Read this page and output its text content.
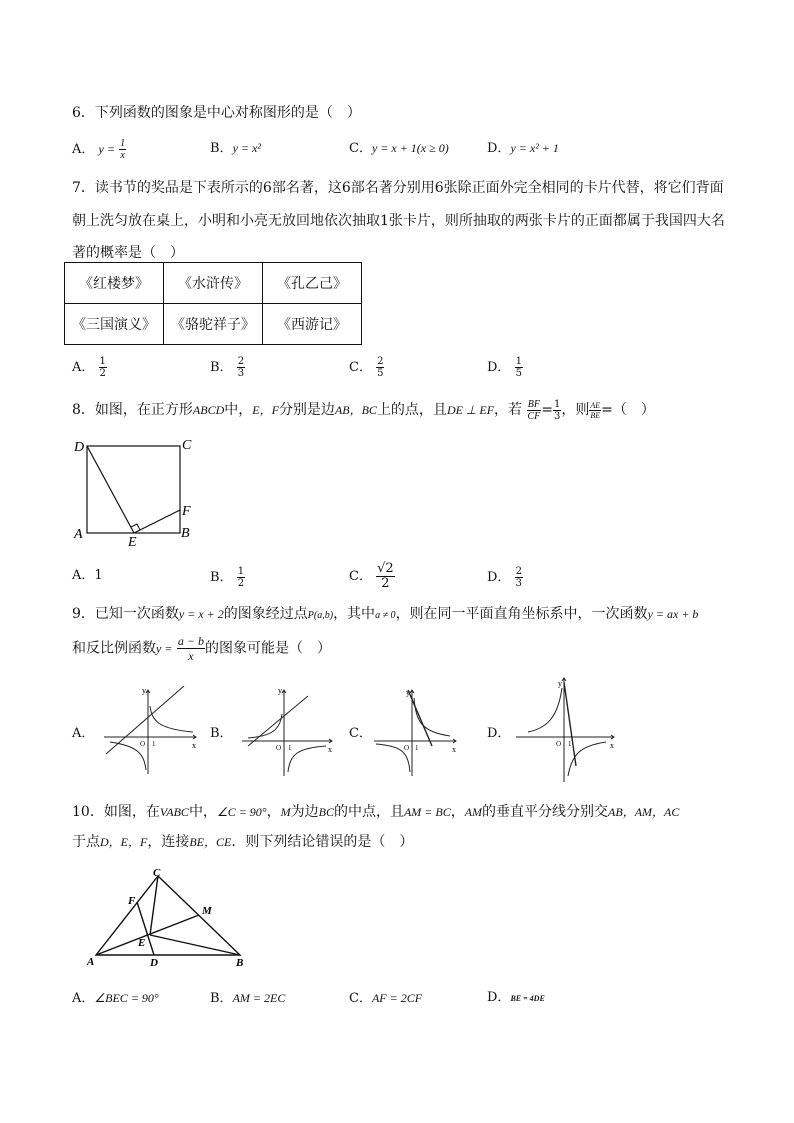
6．下列函数的图象是中心对称图形的是（　）
A． $y = \frac{1}{x}$	B．y = x²	C．y = x + 1(x ≥ 0)	D．y = x² + 1
7．读书节的奖品是下表所示的6部名著，这6部名著分别用6张除正面外完全相同的卡片代替，将它们背面
朝上洗匀放在桌上，小明和小亮无放回地依次抽取1张卡片，则所抽取的两张卡片的正面都属于我国四大名
著的概率是（　）
《红楼梦》	《水浒传》	《孔乙己》
《三国演义》	《骆驼祥子》	《西游记》
A． $\frac{1}{2}$	B． $\frac{2}{3}$	C． $\frac{2}{5}$	D． $\frac{1}{5}$
8．如图，在正方形ABCD中，E，F分别是边AB，BC上的点，且DE ⊥ EF，若 $\frac{BF}{CF} = \frac{1}{3}$ ，则 $\frac{AE}{BE}$ =（　）
D	C
A	B
F
E
A．1	B． $\frac{1}{2}$	C． $\frac{√2}{2}$	D． $\frac{2}{3}$
9．已知一次函数y = x + 2的图象经过点P(a,b)，其中a ≠ 0，则在同一平面直角坐标系中，一次函数y = ax + b
和反比例函数$y = \frac{a - b}{x}$ 的图象可能是（　）
A．	B．	C．	D．
y
x
O 1
y
x
O 1
y
x
O 1
y
x
O 1
10．如图，在VABC中，∠C = 90°，M为边BC的中点，且AM = BC，AM的垂直平分线分别交AB，AM，AC
于点D，E，F，连接BE，CE．则下列结论错误的是（　）
C
F
M
E
A	D	B
A．∠BEC = 90°	B．AM = 2EC	C．AF = 2CF	D．BE = 4DE
